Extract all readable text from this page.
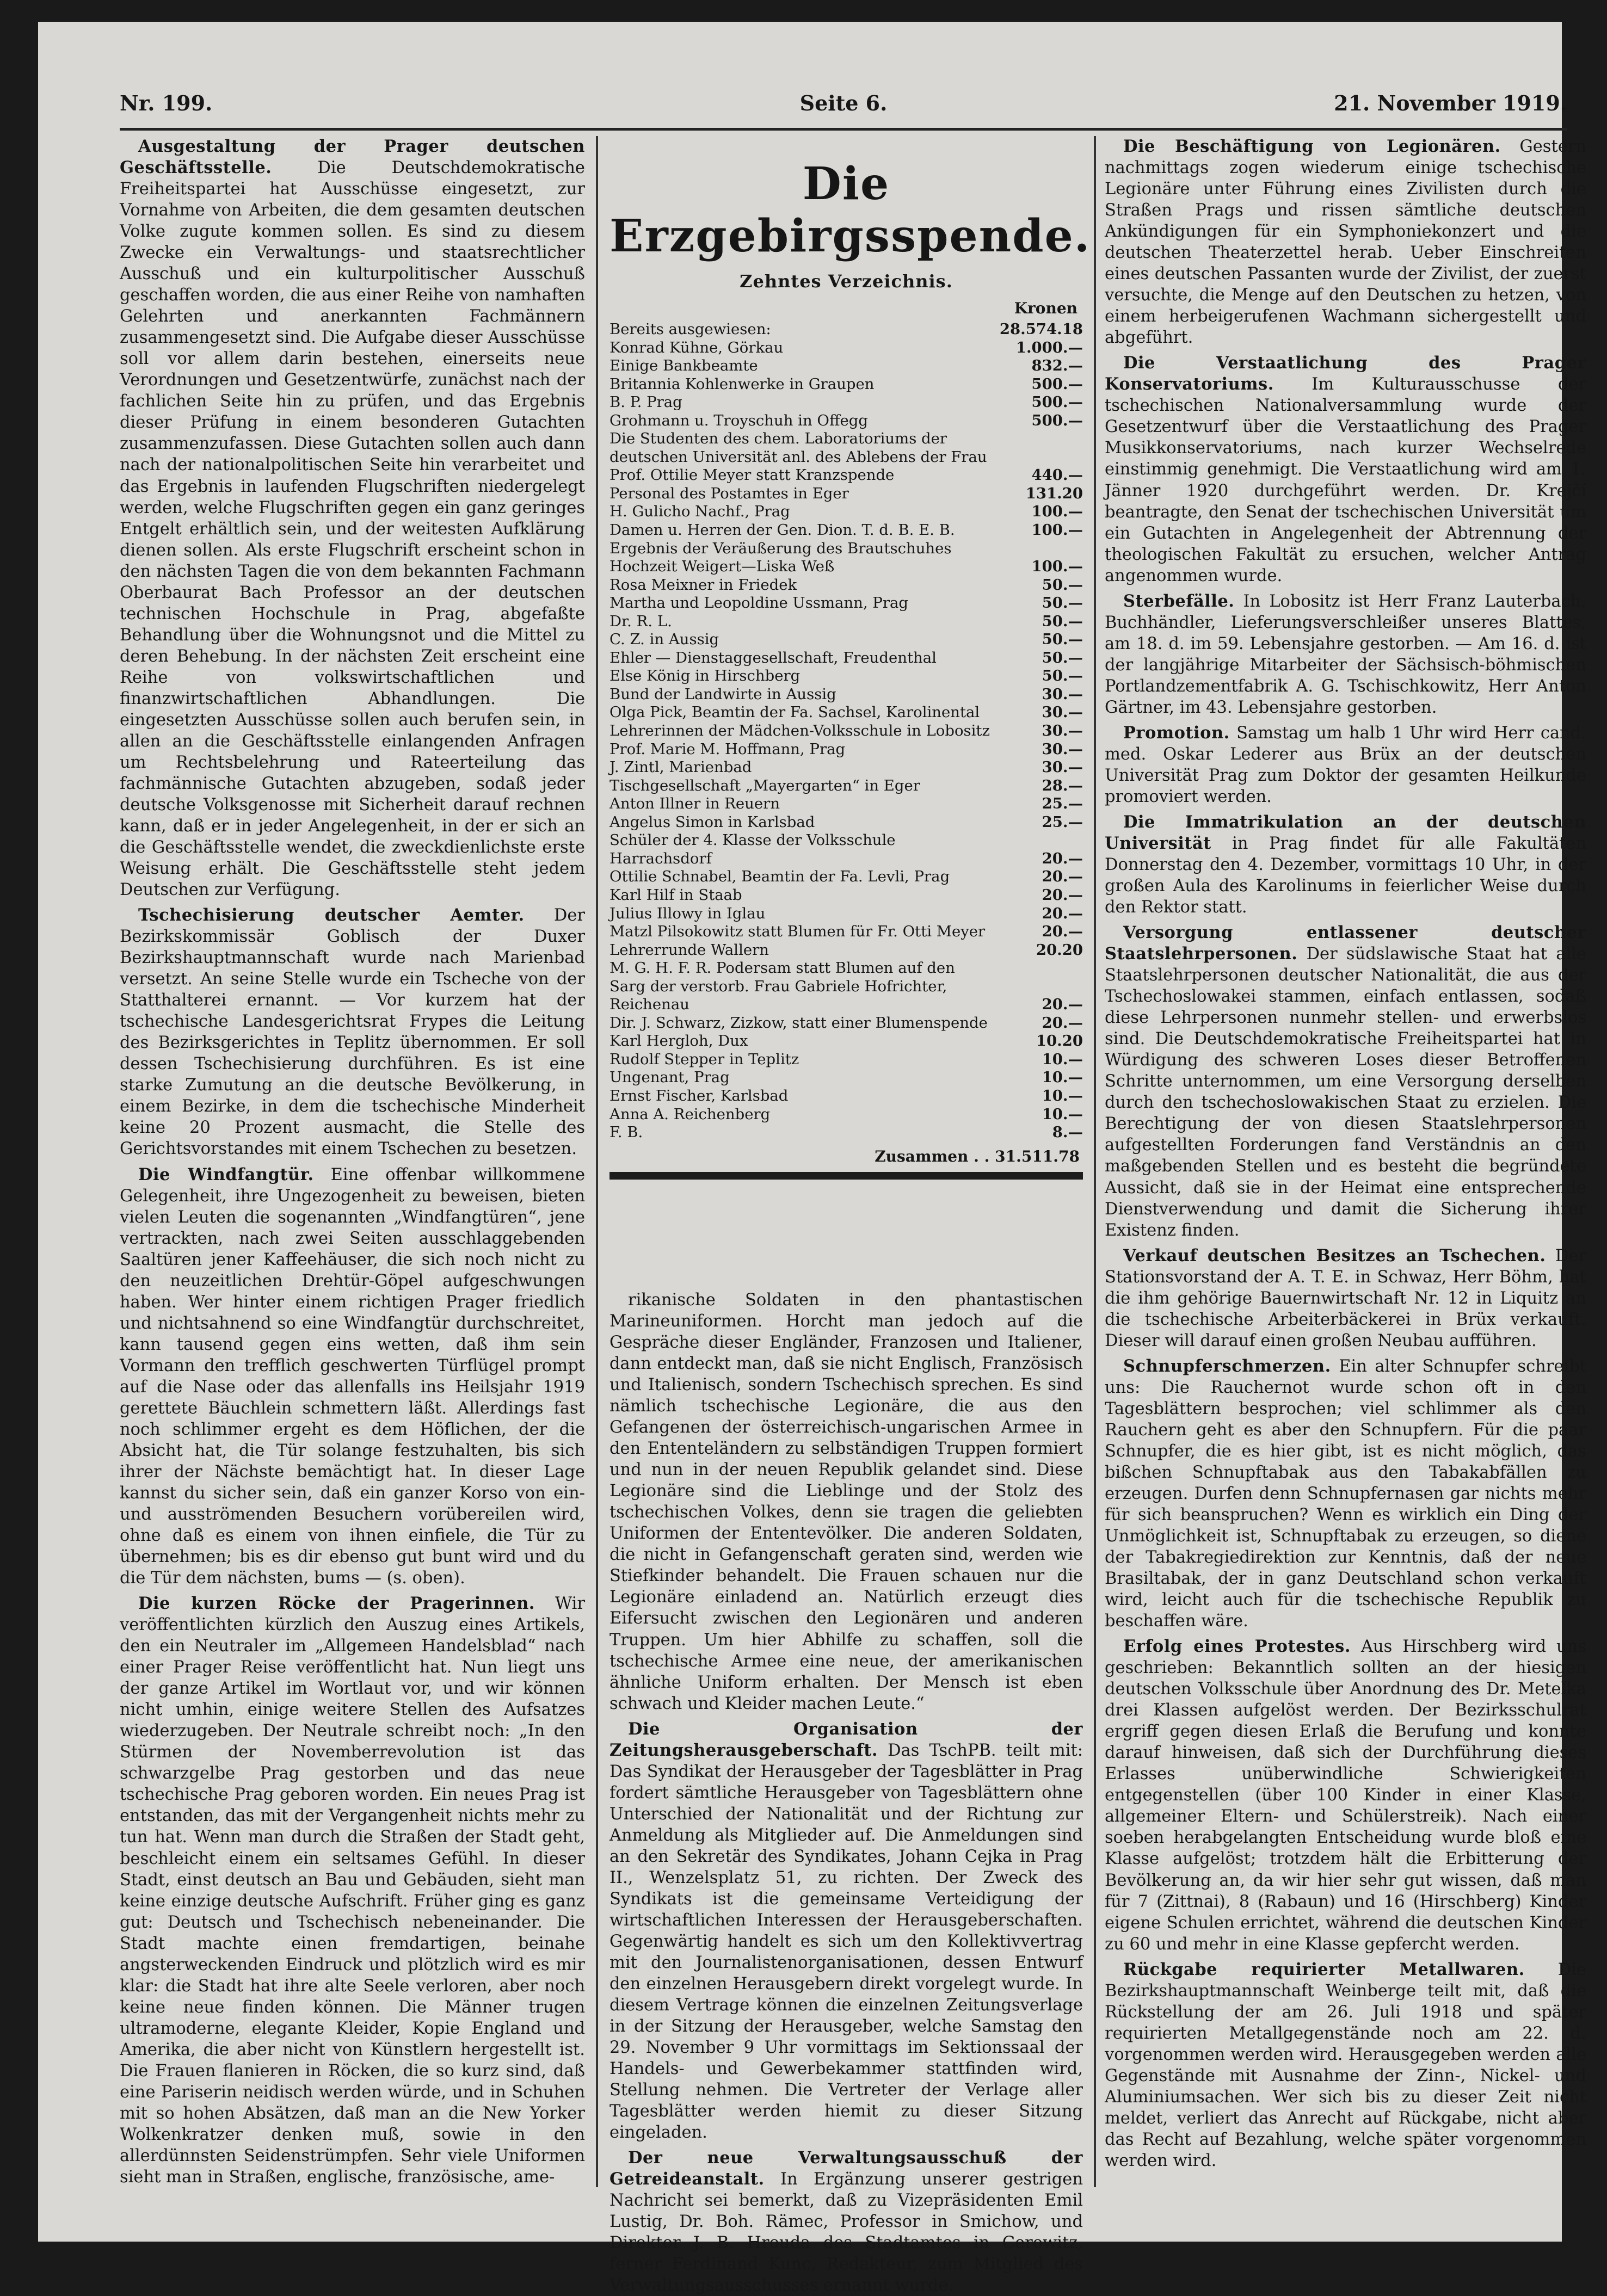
Nr. 199.	Seite 6.	21. November 1919.

Ausgestaltung der Prager deutschen Geschäftsstelle.	Die Deutschdemokratische Freiheitspartei hat Ausschüsse eingesetzt, zur Vornahme von Arbeiten, die dem gesamten deutschen Volke zugute kommen sollen. Es sind zu diesem Zwecke ein Verwaltungs- und staatsrechtlicher Ausschuß und ein kulturpolitischer Ausschuß geschaffen worden, die aus einer Reihe von namhaften Gelehrten und anerkannten Fachmännern zusammengesetzt sind. Die Aufgabe dieser Ausschüsse soll vor allem darin bestehen, einerseits neue Verordnungen und Gesetzentwürfe, zunächst nach der fachlichen Seite hin zu prüfen, und das Ergebnis dieser Prüfung in einem besonderen Gutachten zusammenzufassen. Diese Gutachten sollen auch dann nach der nationalpolitischen Seite hin verarbeitet und das Ergebnis in laufenden Flugschriften niedergelegt werden, welche Flugschriften gegen ein ganz geringes Entgelt erhältlich sein, und der weitesten Aufklärung dienen sollen. Als erste Flugschrift erscheint schon in den nächsten Tagen die von dem bekannten Fachmann Oberbaurat Bach Professor an der deutschen technischen Hochschule in Prag, abgefaßte Behandlung über die Wohnungsnot und die Mittel zu deren Behebung. In der nächsten Zeit erscheint eine Reihe von volkswirtschaftlichen und finanzwirtschaftlichen Abhandlungen. Die eingesetzten Ausschüsse sollen auch berufen sein, in allen an die Geschäftsstelle einlangenden Anfragen um Rechtsbelehrung und Rateerteilung das fachmännische Gutachten abzugeben, sodaß jeder deutsche Volksgenosse mit Sicherheit darauf rechnen kann, daß er in jeder Angelegenheit, in der er sich an die Geschäftsstelle wendet, die zweckdienlichste erste Weisung erhält. Die Geschäftsstelle steht jedem Deutschen zur Verfügung.

Tschechisierung deutscher Aemter. Der Bezirkskommissär Goblisch der Duxer Bezirkshauptmannschaft wurde nach Marienbad versetzt. An seine Stelle wurde ein Tscheche von der Statthalterei ernannt. — Vor kurzem hat der tschechische Landesgerichtsrat Frypes die Leitung des Bezirksgerichtes in Teplitz übernommen. Er soll dessen Tschechisierung durchführen. Es ist eine starke Zumutung an die deutsche Bevölkerung, in einem Bezirke, in dem die tschechische Minderheit keine 20 Prozent ausmacht, die Stelle des Gerichtsvorstandes mit einem Tschechen zu besetzen.

Die Windfangtür. Eine offenbar willkommene Gelegenheit, ihre Ungezogenheit zu beweisen, bieten vielen Leuten die sogenannten „Windfangtüren“, jene vertrackten, nach zwei Seiten ausschlaggebenden Saaltüren jener Kaffeehäuser, die sich noch nicht zu den neuzeitlichen Drehtür-Göpel aufgeschwungen haben. Wer hinter einem richtigen Prager friedlich und nichtsahnend so eine Windfangtür durchschreitet, kann tausend gegen eins wetten, daß ihm sein Vormann den trefflich geschwerten Türflügel prompt auf die Nase oder das allenfalls ins Heilsjahr 1919 gerettete Bäuchlein schmettern läßt. Allerdings fast noch schlimmer ergeht es dem Höflichen, der die Absicht hat, die Tür solange festzuhalten, bis sich ihrer der Nächste bemächtigt hat. In dieser Lage kannst du sicher sein, daß ein ganzer Korso von ein- und ausströmenden Besuchern vorübereilen wird, ohne daß es einem von ihnen einfiele, die Tür zu übernehmen; bis es dir ebenso gut bunt wird und du die Tür dem nächsten, bums — (s. oben).

Die kurzen Röcke der Pragerinnen. Wir veröffentlichten kürzlich den Auszug eines Artikels, den ein Neutraler im „Allgemeen Handelsblad“ nach einer Prager Reise veröffentlicht hat. Nun liegt uns der ganze Artikel im Wortlaut vor, und wir können nicht umhin, einige weitere Stellen des Aufsatzes wiederzugeben. Der Neutrale schreibt noch: „In den Stürmen der Novemberrevolution ist das schwarzgelbe Prag gestorben und das neue tschechische Prag geboren worden. Ein neues Prag ist entstanden, das mit der Vergangenheit nichts mehr zu tun hat. Wenn man durch die Straßen der Stadt geht, beschleicht einem ein seltsames Gefühl. In dieser Stadt, einst deutsch an Bau und Gebäuden, sieht man keine einzige deutsche Aufschrift. Früher ging es ganz gut: Deutsch und Tschechisch nebeneinander. Die Stadt machte einen fremdartigen, beinahe angsterweckenden Eindruck und plötzlich wird es mir klar: die Stadt hat ihre alte Seele verloren, aber noch keine neue finden können. Die Männer trugen ultramoderne, elegante Kleider, Kopie England und Amerika, die aber nicht von Künstlern hergestellt ist. Die Frauen flanieren in Röcken, die so kurz sind, daß eine Pariserin neidisch werden würde, und in Schuhen mit so hohen Absätzen, daß man an die New Yorker Wolkenkratzer denken muß, sowie in den allerdünnsten Seidenstrümpfen. Sehr viele Uniformen sieht man in Straßen, englische, französische, ame-

Die Erzgebirgsspende.
Zehntes Verzeichnis.
Kronen
Bereits ausgewiesen:	28.574.18
Konrad Kühne, Görkau	1.000.—
Einige Bankbeamte	832.—
Britannia Kohlenwerke in Graupen	500.—
B. P. Prag	500.—
Grohmann u. Troyschuh in Offegg	500.—
Die Studenten des chem. Laboratoriums der deutschen Universität anl. des Ablebens der Frau Prof. Ottilie Meyer statt Kranzspende	440.—
Personal des Postamtes in Eger	131.20
H. Gulicho Nachf., Prag	100.—
Damen u. Herren der Gen. Dion. T. d. B. E. B.	100.—
Ergebnis der Veräußerung des Brautschuhes Hochzeit Weigert—Liska Weß	100.—
Rosa Meixner in Friedek	50.—
Martha und Leopoldine Ussmann, Prag	50.—
Dr. R. L.	50.—
C. Z. in Aussig	50.—
Ehler — Dienstaggesellschaft, Freudenthal	50.—
Else König in Hirschberg	50.—
Bund der Landwirte in Aussig	30.—
Olga Pick, Beamtin der Fa. Sachsel, Karolinental	30.—
Lehrerinnen der Mädchen-Volksschule in Lobositz	30.—
Prof. Marie M. Hoffmann, Prag	30.—
J. Zintl, Marienbad	30.—
Tischgesellschaft „Mayergarten“ in Eger	28.—
Anton Illner in Reuern	25.—
Angelus Simon in Karlsbad	25.—
Schüler der 4. Klasse der Volksschule Harrachsdorf	20.—
Ottilie Schnabel, Beamtin der Fa. Levli, Prag	20.—
Karl Hilf in Staab	20.—
Julius Illowy in Iglau	20.—
Matzl Pilsokowitz statt Blumen für Fr. Otti Meyer	20.—
Lehrerrunde Wallern	20.20
M. G. H. F. R. Podersam statt Blumen auf den Sarg der verstorb. Frau Gabriele Hofrichter, Reichenau	20.—
Dir. J. Schwarz, Zizkow, statt einer Blumenspende	20.—
Karl Hergloh, Dux	10.20
Rudolf Stepper in Teplitz	10.—
Ungenant, Prag	10.—
Ernst Fischer, Karlsbad	10.—
Anna A. Reichenberg	10.—
F. B.	8.—
Zusammen . . 31.511.78

rikanische Soldaten in den phantastischen Marineuniformen. Horcht man jedoch auf die Gespräche dieser Engländer, Franzosen und Italiener, dann entdeckt man, daß sie nicht Englisch, Französisch und Italienisch, sondern Tschechisch sprechen. Es sind nämlich tschechische Legionäre, die aus den Gefangenen der österreichisch-ungarischen Armee in den Ententeländern zu selbständigen Truppen formiert und nun in der neuen Republik gelandet sind. Diese Legionäre sind die Lieblinge und der Stolz des tschechischen Volkes, denn sie tragen die geliebten Uniformen der Ententevölker. Die anderen Soldaten, die nicht in Gefangenschaft geraten sind, werden wie Stiefkinder behandelt. Die Frauen schauen nur die Legionäre einladend an. Natürlich erzeugt dies Eifersucht zwischen den Legionären und anderen Truppen. Um hier Abhilfe zu schaffen, soll die tschechische Armee eine neue, der amerikanischen ähnliche Uniform erhalten. Der Mensch ist eben schwach und Kleider machen Leute.“

Die Organisation der Zeitungsherausgeberschaft. Das TschPB. teilt mit: Das Syndikat der Herausgeber der Tagesblätter in Prag fordert sämtliche Herausgeber von Tagesblättern ohne Unterschied der Nationalität und der Richtung zur Anmeldung als Mitglieder auf. Die Anmeldungen sind an den Sekretär des Syndikates, Johann Cejka in Prag II., Wenzelsplatz 51, zu richten. Der Zweck des Syndikats ist die gemeinsame Verteidigung der wirtschaftlichen Interessen der Herausgeberschaften. Gegenwärtig handelt es sich um den Kollektivvertrag mit den Journalistenorganisationen, dessen Entwurf den einzelnen Herausgebern direkt vorgelegt wurde. In diesem Vertrage können die einzelnen Zeitungsverlage in der Sitzung der Herausgeber, welche Samstag den 29. November 9 Uhr vormittags im Sektionssaal der Handels- und Gewerbekammer stattfinden wird, Stellung nehmen. Die Vertreter der Verlage aller Tagesblätter werden hiemit zu dieser Sitzung eingeladen.

Der neue Verwaltungsausschuß der Getreideanstalt. In Ergänzung unserer gestrigen Nachricht sei bemerkt, daß zu Vizepräsidenten Emil Lustig, Dr. Boh. Rämec, Professor in Smichow, und Direktor J. B. Hrouda des Stadtamtes in Cerowitz, ferner Ferdinand Kunc, Redakteur, zum Mitglied des Verwaltungsausschusses ernannt wurde.

Die Beschäftigung von Legionären. Gestern nachmittags zogen wiederum einige tschechische Legionäre unter Führung eines Zivilisten durch die Straßen Prags und rissen sämtliche deutschen Ankündigungen für ein Symphoniekonzert und die deutschen Theaterzettel herab. Ueber Einschreiten eines deutschen Passanten wurde der Zivilist, der zuerst versuchte, die Menge auf den Deutschen zu hetzen, von einem herbeigerufenen Wachmann sichergestellt und abgeführt.

Die Verstaatlichung des Prager Konservatoriums. Im Kulturausschusse der tschechischen Nationalversammlung wurde der Gesetzentwurf über die Verstaatlichung des Prager Musikkonservatoriums, nach kurzer Wechselrede einstimmig genehmigt. Die Verstaatlichung wird am 1. Jänner 1920 durchgeführt werden. Dr. Krejčí beantragte, den Senat der tschechischen Universität um ein Gutachten in Angelegenheit der Abtrennung der theologischen Fakultät zu ersuchen, welcher Antrag angenommen wurde.

Sterbefälle. In Lobositz ist Herr Franz Lauterbach, Buchhändler, Lieferungsverschleißer unseres Blattes, am 18. d. im 59. Lebensjahre gestorben. — Am 16. d. ist der langjährige Mitarbeiter der Sächsisch-böhmischen Portlandzementfabrik A. G. Tschischkowitz, Herr Anton Gärtner, im 43. Lebensjahre gestorben.

Promotion. Samstag um halb 1 Uhr wird Herr cand. med. Oskar Lederer aus Brüx an der deutschen Universität Prag zum Doktor der gesamten Heilkunde promoviert werden.

Die Immatrikulation an der deutschen Universität in Prag findet für alle Fakultäten Donnerstag den 4. Dezember, vormittags 10 Uhr, in der großen Aula des Karolinums in feierlicher Weise durch den Rektor statt.

Versorgung entlassener deutscher Staatslehrpersonen. Der südslawische Staat hat alle Staatslehrpersonen deutscher Nationalität, die aus der Tschechoslowakei stammen, einfach entlassen, sodaß diese Lehrpersonen nunmehr stellen- und erwerbslos sind. Die Deutschdemokratische Freiheitspartei hat in Würdigung des schweren Loses dieser Betroffenen Schritte unternommen, um eine Versorgung derselben durch den tschechoslowakischen Staat zu erzielen. Die Berechtigung der von diesen Staatslehrpersonen aufgestellten Forderungen fand Verständnis an den maßgebenden Stellen und es besteht die begründete Aussicht, daß sie in der Heimat eine entsprechende Dienstverwendung und damit die Sicherung ihrer Existenz finden.

Verkauf deutschen Besitzes an Tschechen. Der Stationsvorstand der A. T. E. in Schwaz, Herr Böhm, hat die ihm gehörige Bauernwirtschaft Nr. 12 in Liquitz an die tschechische Arbeiterbäckerei in Brüx verkauft. Dieser will darauf einen großen Neubau aufführen.

Schnupferschmerzen. Ein alter Schnupfer schreibt uns: Die Rauchernot wurde schon oft in den Tagesblättern besprochen; viel schlimmer als den Rauchern geht es aber den Schnupfern. Für die paar Schnupfer, die es hier gibt, ist es nicht möglich, das bißchen Schnupftabak aus den Tabakabfällen zu erzeugen. Durfen denn Schnupfernasen gar nichts mehr für sich beanspruchen? Wenn es wirklich ein Ding der Unmöglichkeit ist, Schnupftabak zu erzeugen, so diene der Tabakregiedirektion zur Kenntnis, daß der neue Brasiltabak, der in ganz Deutschland schon verkauft wird, leicht auch für die tschechische Republik zu beschaffen wäre.

Erfolg eines Protestes. Aus Hirschberg wird uns geschrieben: Bekanntlich sollten an der hiesigen deutschen Volksschule über Anordnung des Dr. Metelka drei Klassen aufgelöst werden. Der Bezirksschulrat ergriff gegen diesen Erlaß die Berufung und konnte darauf hinweisen, daß sich der Durchführung dieses Erlasses unüberwindliche Schwierigkeiten entgegenstellen (über 100 Kinder in einer Klasse, allgemeiner Eltern- und Schülerstreik). Nach einer soeben herabgelangten Entscheidung wurde bloß eine Klasse aufgelöst; trotzdem hält die Erbitterung der Bevölkerung an, da wir hier sehr gut wissen, daß man für 7 (Zittnai), 8 (Rabaun) und 16 (Hirschberg) Kinder eigene Schulen errichtet, während die deutschen Kinder zu 60 und mehr in eine Klasse gepfercht werden.

Rückgabe requirierter Metallwaren. Die Bezirkshauptmannschaft Weinberge teilt mit, daß die Rückstellung der am 26. Juli 1918 und später requirierten Metallgegenstände noch am 22. d. vorgenommen werden wird. Herausgegeben werden alle Gegenstände mit Ausnahme der Zinn-, Nickel- und Aluminiumsachen. Wer sich bis zu dieser Zeit nicht meldet, verliert das Anrecht auf Rückgabe, nicht aber das Recht auf Bezahlung, welche später vorgenommen werden wird.
